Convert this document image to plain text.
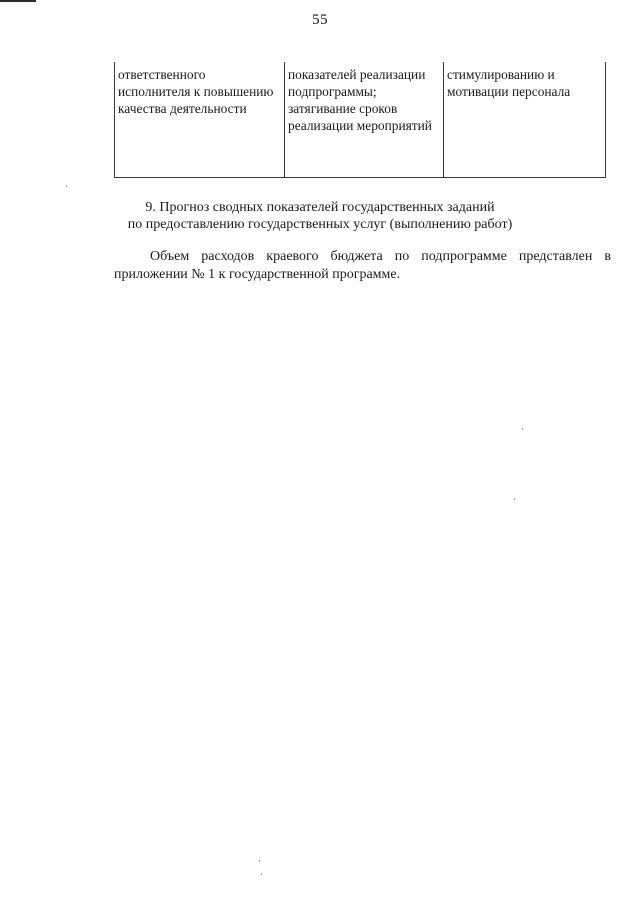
55
ответственного исполнителя к повышению качества деятельности	показателей реализации подпрограммы; затягивание сроков реализации мероприятий	стимулированию и мотивации персонала
9. Прогноз сводных показателей государственных заданий
по предоставлению государственных услуг (выполнению работ)
Объем расходов краевого бюджета по подпрограмме представлен в приложении № 1 к государственной программе.
